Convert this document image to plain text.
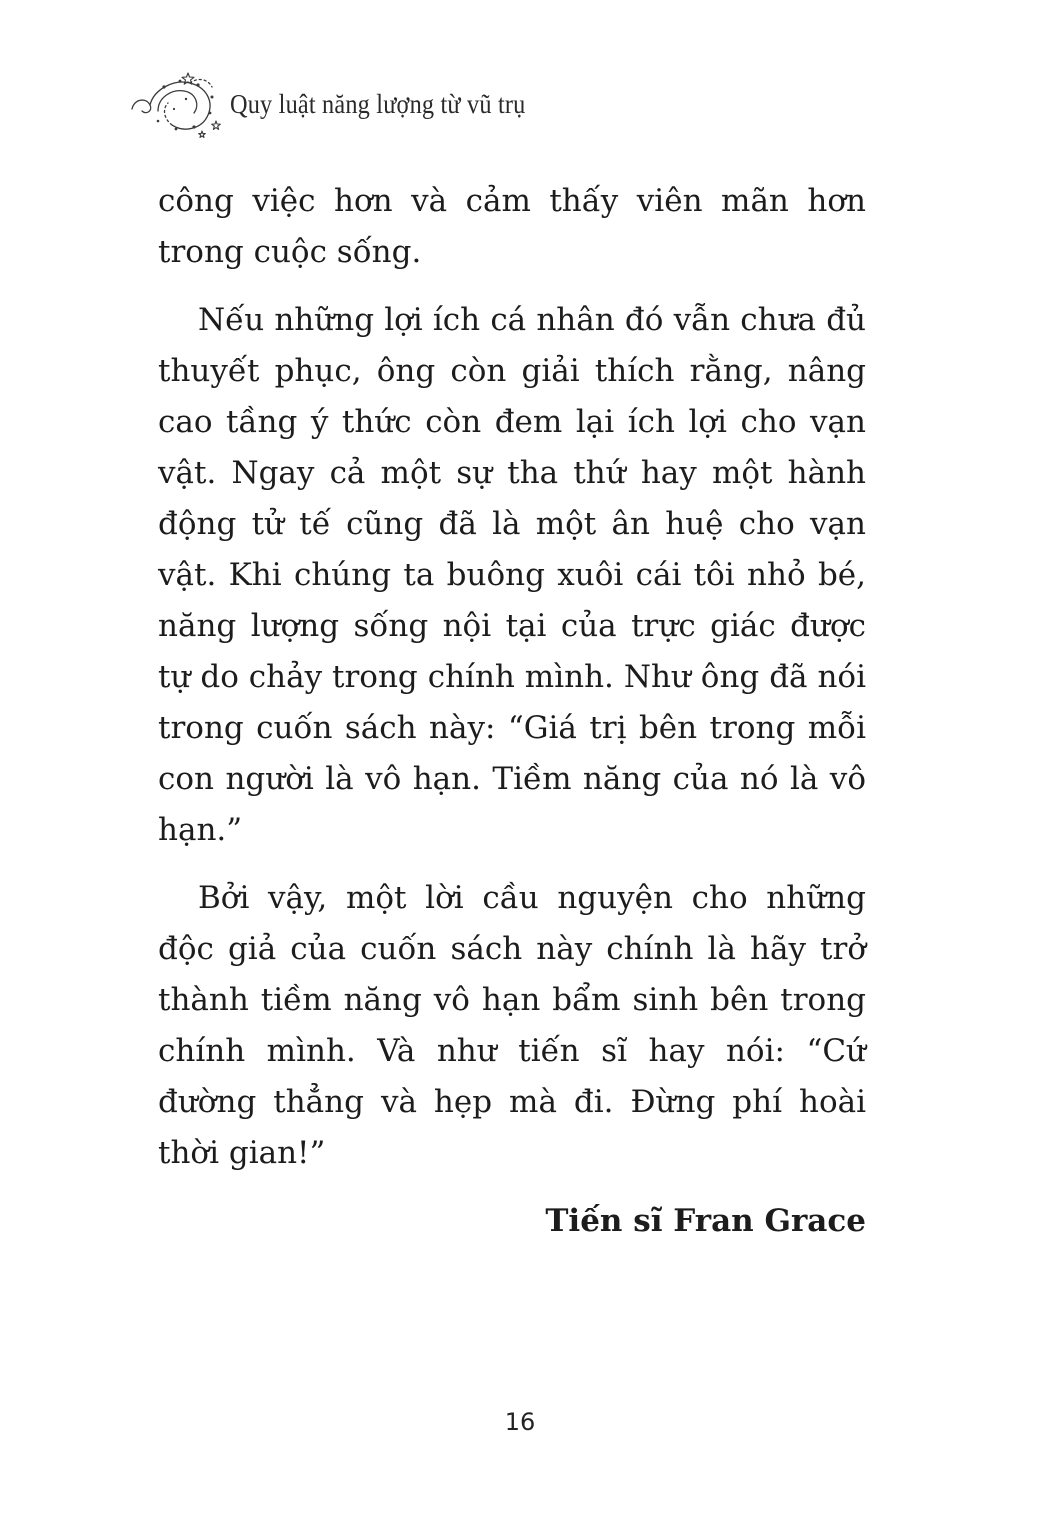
Quy luật năng lượng từ vũ trụ

công việc hơn và cảm thấy viên mãn hơn trong cuộc sống.

Nếu những lợi ích cá nhân đó vẫn chưa đủ thuyết phục, ông còn giải thích rằng, nâng cao tầng ý thức còn đem lại ích lợi cho vạn vật. Ngay cả một sự tha thứ hay một hành động tử tế cũng đã là một ân huệ cho vạn vật. Khi chúng ta buông xuôi cái tôi nhỏ bé, năng lượng sống nội tại của trực giác được tự do chảy trong chính mình. Như ông đã nói trong cuốn sách này: “Giá trị bên trong mỗi con người là vô hạn. Tiềm năng của nó là vô hạn.”

Bởi vậy, một lời cầu nguyện cho những độc giả của cuốn sách này chính là hãy trở thành tiềm năng vô hạn bẩm sinh bên trong chính mình. Và như tiến sĩ hay nói: “Cứ đường thẳng và hẹp mà đi. Đừng phí hoài thời gian!”

Tiến sĩ Fran Grace

16
